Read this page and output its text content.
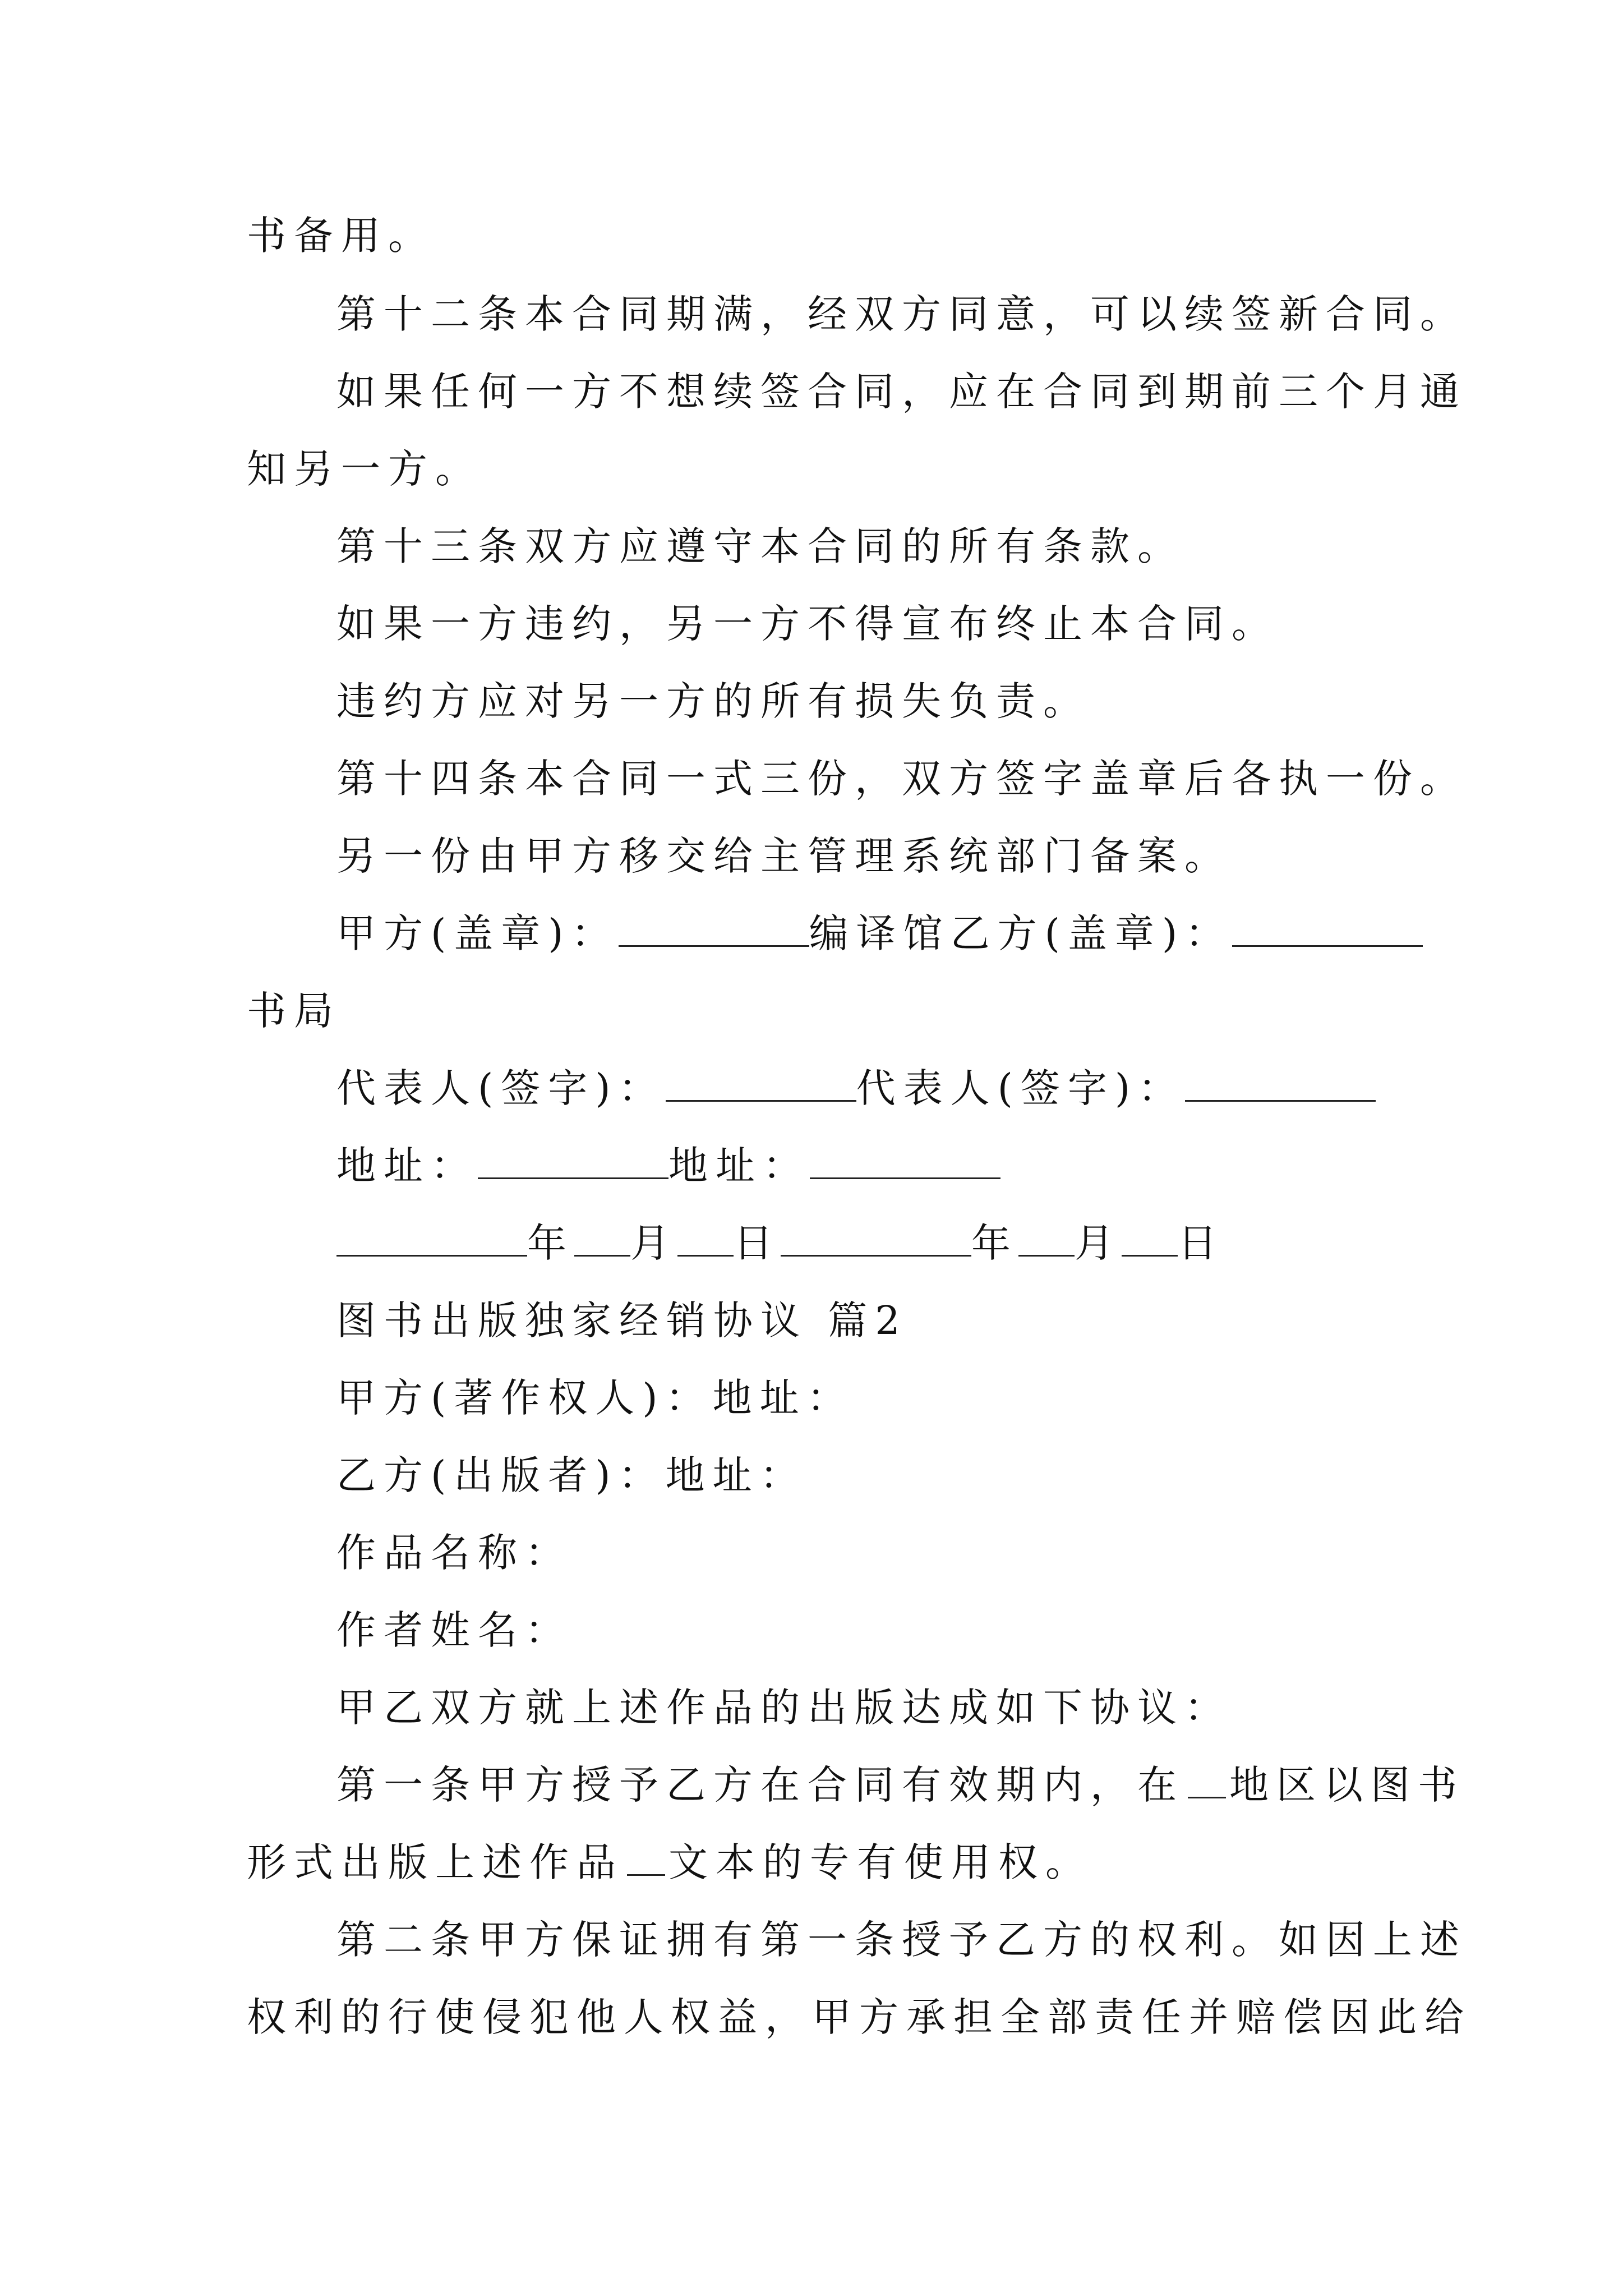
书备用。
第十二条本合同期满，经双方同意，可以续签新合同。
如果任何一方不想续签合同，应在合同到期前三个月通
知另一方。
第十三条双方应遵守本合同的所有条款。
如果一方违约，另一方不得宣布终止本合同。
违约方应对另一方的所有损失负责。
第十四条本合同一式三份，双方签字盖章后各执一份。
另一份由甲方移交给主管理系统部门备案。
甲方(盖章)：	编译馆乙方(盖章)：
书局
代表人(签字)：	代表人(签字)：
地址：	地址：
年 月 日	年 月 日
图书出版独家经销协议 篇2
甲方(著作权人)：地址：
乙方(出版者)：地址：
作品名称：
作者姓名：
甲乙双方就上述作品的出版达成如下协议：
第一条甲方授予乙方在合同有效期内，在 地区以图书
形式出版上述作品 文本的专有使用权。
第二条甲方保证拥有第一条授予乙方的权利。如因上述
权利的行使侵犯他人权益，甲方承担全部责任并赔偿因此给
